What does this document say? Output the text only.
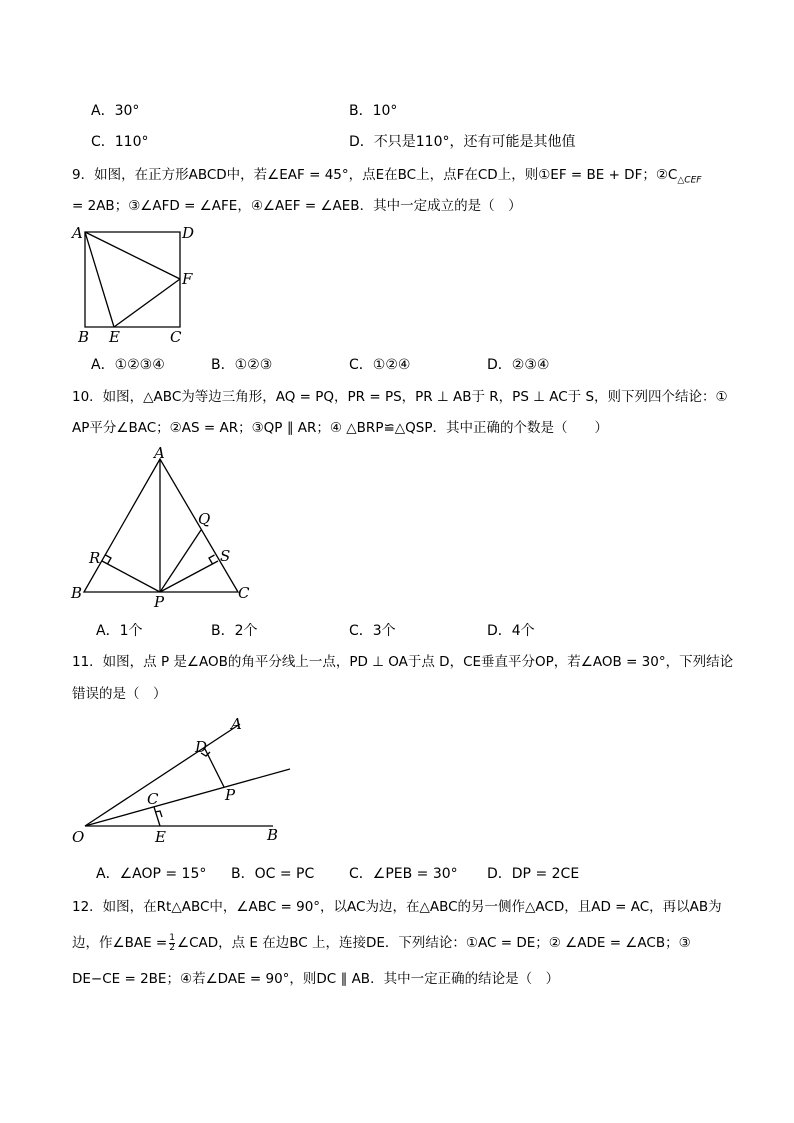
A．30°	B．10°
C．110°	D．不只是110°，还有可能是其他值
9．如图，在正方形ABCD中，若∠EAF = 45°，点E在BC上，点F在CD上，则①EF = BE + DF；$②C_{\triangle CEF}$
= 2AB；③∠AFD = ∠AFE，④∠AEF = ∠AEB．其中一定成立的是（　）
A	D
F
B E	C
A．①②③④	B．①②③	C．①②④	D．②③④
10．如图，△ABC为等边三角形，AQ = PQ，PR = PS，PR ⊥ AB于 R，PS ⊥ AC于 S，则下列四个结论：①
AP平分∠BAC；②AS = AR；③QP ∥ AR；④ △BRP≌△QSP．其中正确的个数是（　　）
A
Q
R	S
B	P	C
A．1个	B．2个	C．3个	D．4个
11．如图，点 P 是∠AOB的角平分线上一点，PD ⊥ OA于点 D，CE垂直平分OP，若∠AOB = 30°，下列结论
错误的是（　）
A
D
P
C
O	E	B
A．∠AOP = 15° B．OC = PC C．∠PEB = 30° D．DP = 2CE
12．如图，在Rt△ABC中，∠ABC = 90°，以AC为边，在△ABC的另一侧作△ACD，且AD = AC，再以AB为
边，作∠BAE = $\frac{1}{2}$ ∠CAD，点 E 在边BC 上，连接DE．下列结论：①AC = DE；② ∠ADE = ∠ACB；③
DE−CE = 2BE；④若∠DAE = 90°，则DC ∥ AB．其中一定正确的结论是（　）
